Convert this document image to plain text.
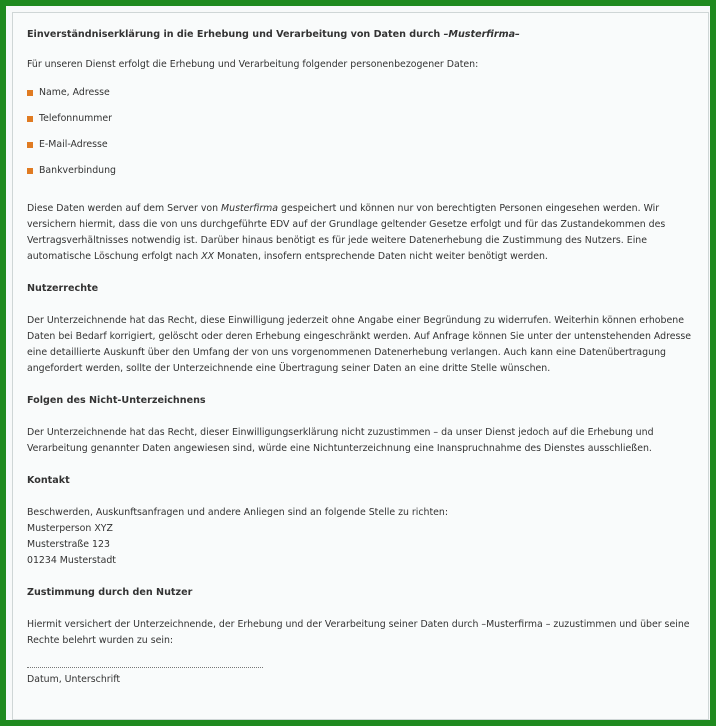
Einverständniserklärung in die Erhebung und Verarbeitung von Daten durch –Musterfirma–

Für unseren Dienst erfolgt die Erhebung und Verarbeitung folgender personenbezogener Daten:

Name, Adresse
Telefonnummer
E-Mail-Adresse
Bankverbindung

Diese Daten werden auf dem Server von Musterfirma gespeichert und können nur von berechtigten Personen eingesehen werden. Wir versichern hiermit, dass die von uns durchgeführte EDV auf der Grundlage geltender Gesetze erfolgt und für das Zustandekommen des Vertragsverhältnisses notwendig ist. Darüber hinaus benötigt es für jede weitere Datenerhebung die Zustimmung des Nutzers. Eine automatische Löschung erfolgt nach XX Monaten, insofern entsprechende Daten nicht weiter benötigt werden.

Nutzerrechte

Der Unterzeichnende hat das Recht, diese Einwilligung jederzeit ohne Angabe einer Begründung zu widerrufen. Weiterhin können erhobene Daten bei Bedarf korrigiert, gelöscht oder deren Erhebung eingeschränkt werden. Auf Anfrage können Sie unter der untenstehenden Adresse eine detaillierte Auskunft über den Umfang der von uns vorgenommenen Datenerhebung verlangen. Auch kann eine Datenübertragung angefordert werden, sollte der Unterzeichnende eine Übertragung seiner Daten an eine dritte Stelle wünschen.

Folgen des Nicht-Unterzeichnens

Der Unterzeichnende hat das Recht, dieser Einwilligungserklärung nicht zuzustimmen – da unser Dienst jedoch auf die Erhebung und Verarbeitung genannter Daten angewiesen sind, würde eine Nichtunterzeichnung eine Inanspruchnahme des Dienstes ausschließen.

Kontakt

Beschwerden, Auskunftsanfragen und andere Anliegen sind an folgende Stelle zu richten:

Musterperson XYZ

Musterstraße 123

01234 Musterstadt

Zustimmung durch den Nutzer

Hiermit versichert der Unterzeichnende, der Erhebung und der Verarbeitung seiner Daten durch –Musterfirma – zuzustimmen und über seine Rechte belehrt wurden zu sein:

Datum, Unterschrift
